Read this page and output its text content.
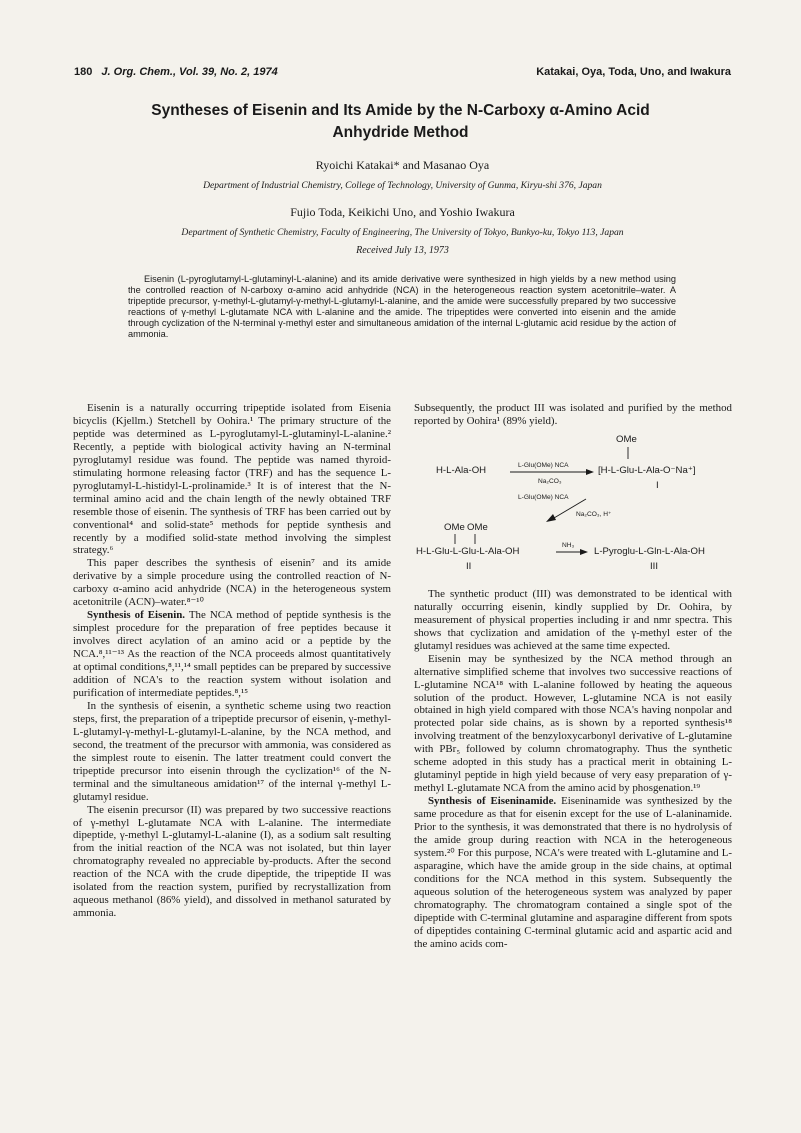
180 J. Org. Chem., Vol. 39, No. 2, 1974	Katakai, Oya, Toda, Uno, and Iwakura
Syntheses of Eisenin and Its Amide by the N-Carboxy α-Amino Acid
Anhydride Method
Ryoichi Katakai* and Masanao Oya
Department of Industrial Chemistry, College of Technology, University of Gunma, Kiryu-shi 376, Japan
Fujio Toda, Keikichi Uno, and Yoshio Iwakura
Department of Synthetic Chemistry, Faculty of Engineering, The University of Tokyo, Bunkyo-ku, Tokyo 113, Japan
Received July 13, 1973
Eisenin (L-pyroglutamyl-L-glutaminyl-L-alanine) and its amide derivative were synthesized in high yields by a new method using the controlled reaction of N-carboxy α-amino acid anhydride (NCA) in the heterogeneous reaction system acetonitrile–water. A tripeptide precursor, γ-methyl-L-glutamyl-γ-methyl-L-glutamyl-L-alanine, and the amide were successfully prepared by two successive reactions of γ-methyl L-glutamate NCA with L-alanine and the amide. The tripeptides were converted into eisenin and the amide through cyclization of the N-terminal γ-methyl ester and simultaneous amidation of the internal L-glutamic acid residue by the action of ammonia.

Eisenin is a naturally occurring tripeptide isolated from Eisenia bicyclis (Kjellm.) Stetchell by Oohira.¹ The primary structure of the peptide was determined as L-pyroglutamyl-L-glutaminyl-L-alanine.² Recently, a peptide with biological activity having an N-terminal pyroglutamyl residue was found. The peptide was named thyroid-stimulating hormone releasing factor (TRF) and has the sequence L-pyroglutamyl-L-histidyl-L-prolinamide.³ It is of interest that the N-terminal amino acid and the chain length of the newly obtained TRF resemble those of eisenin. The synthesis of TRF has been carried out by conventional⁴ and solid-state⁵ methods for peptide synthesis and recently by a modified solid-state method involving the simplest strategy.⁶

This paper describes the synthesis of eisenin⁷ and its amide derivative by a simple procedure using the controlled reaction of N-carboxy α-amino acid anhydride (NCA) in the heterogeneous system acetonitrile (ACN)–water.⁸⁻¹⁰

Synthesis of Eisenin. The NCA method of peptide synthesis is the simplest procedure for the preparation of free peptides because it involves direct acylation of an amino acid or a peptide by the NCA.⁸,¹¹⁻¹³ As the reaction of the NCA proceeds almost quantitatively at optimal conditions,⁸,¹¹,¹⁴ small peptides can be prepared by successive addition of NCA's to the reaction system without isolation and purification of intermediate peptides.⁸,¹⁵

In the synthesis of eisenin, a synthetic scheme using two reaction steps, first, the preparation of a tripeptide precursor of eisenin, γ-methyl-L-glutamyl-γ-methyl-L-glutamyl-L-alanine, by the NCA method, and second, the treatment of the precursor with ammonia, was considered as the simplest route to eisenin. The latter treatment could convert the tripeptide precursor into eisenin through the cyclization¹⁶ of the N-terminal and the simultaneous amidation¹⁷ of the internal γ-methyl L-glutamyl residue.

The eisenin precursor (II) was prepared by two successive reactions of γ-methyl L-glutamate NCA with L-alanine. The intermediate dipeptide, γ-methyl L-glutamyl-L-alanine (I), as a sodium salt resulting from the initial reaction of the NCA was not isolated, but thin layer chromatography revealed no appreciable by-products. After the second reaction of the NCA with the crude dipeptide, the tripeptide II was isolated from the reaction system, purified by recrystallization from aqueous methanol (86% yield), and dissolved in methanol saturated by ammonia.

Subsequently, the product III was isolated and purified by the method reported by Oohira¹ (89% yield).

OMe
H-L-Ala-OH	L-Glu(OMe) NCA
Na₂CO₃
[H-L-Glu-L-Ala-O⁻Na⁺]
I
L-Glu(OMe) NCA
Na₂CO₃, H⁺
OMe OMe
H-L-Glu-L-Glu-L-Ala-OH
NH₃
L-Pyroglu-L-Gln-L-Ala-OH
II	III

The synthetic product (III) was demonstrated to be identical with naturally occurring eisenin, kindly supplied by Dr. Oohira, by measurement of physical properties including ir and nmr spectra. This shows that cyclization and amidation of the γ-methyl ester of the glutamyl residues was achieved at the same time expected.

Eisenin may be synthesized by the NCA method through an alternative simplified scheme that involves two successive reactions of L-glutamine NCA¹⁸ with L-alanine followed by heating the aqueous solution of the product. However, L-glutamine NCA is not easily obtained in high yield compared with those NCA's having nonpolar and protected polar side chains, as is shown by a reported synthesis¹⁸ involving treatment of the benzyloxycarbonyl derivative of L-glutamine with PBr₅ followed by column chromatography. Thus the synthetic scheme adopted in this study has a practical merit in obtaining L-glutaminyl peptide in high yield because of very easy preparation of γ-methyl L-glutamate NCA from the amino acid by phosgenation.¹⁹

Synthesis of Eiseninamide. Eiseninamide was synthesized by the same procedure as that for eisenin except for the use of L-alaninamide. Prior to the synthesis, it was demonstrated that there is no hydrolysis of the amide group during reaction with NCA in the heterogeneous system.²⁰ For this purpose, NCA's were treated with L-glutamine and L-asparagine, which have the amide group in the side chains, at optimal conditions for the NCA method in this system. Subsequently the aqueous solution of the heterogeneous system was analyzed by paper chromatography. The chromatogram contained a single spot of the dipeptide with C-terminal glutamine and asparagine different from spots of dipeptides containing C-terminal glutamic acid and aspartic acid and the amino acids com-
